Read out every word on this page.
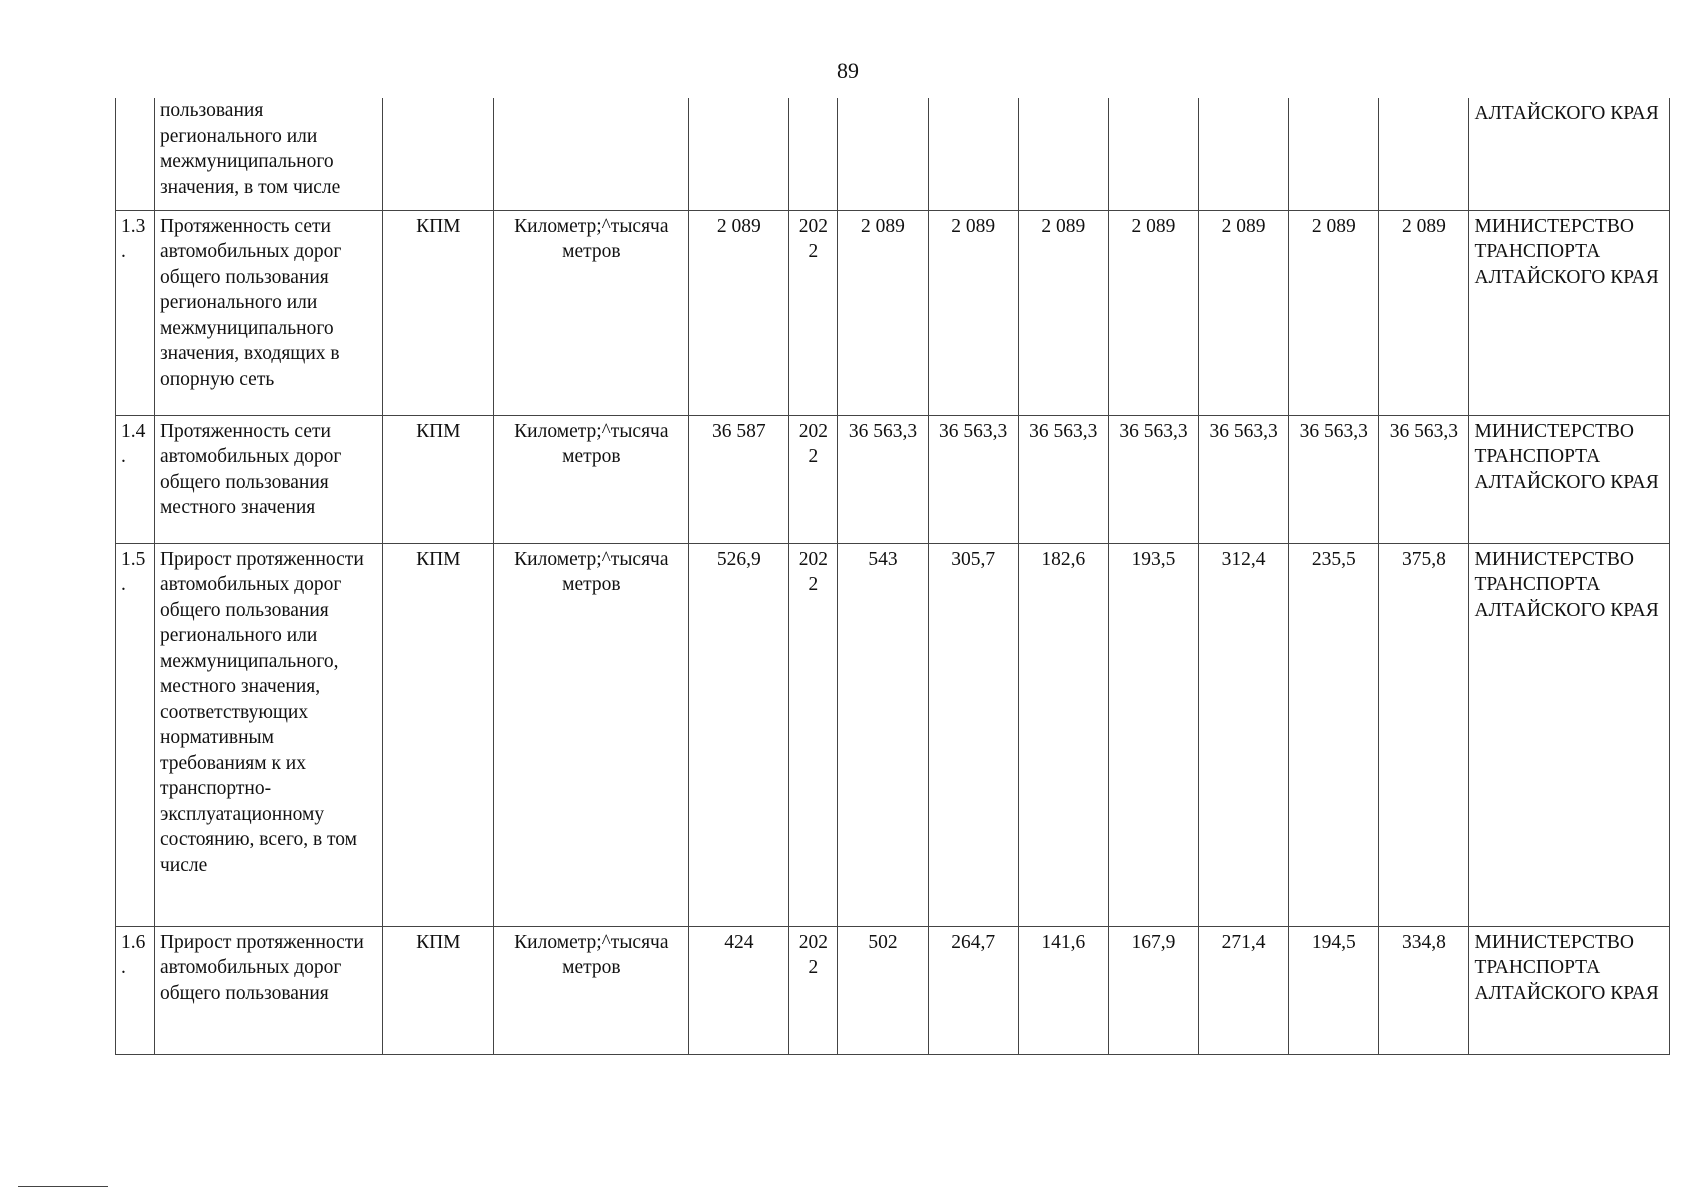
89
	пользования регионального или межмуниципального значения, в том числе												АЛТАЙСКОГО КРАЯ
1.3.	Протяженность сети автомобильных дорог общего пользования регионального или межмуниципального значения, входящих в опорную сеть	КПМ	Километр;^тысяча метров	2 089	2022	2 089	2 089	2 089	2 089	2 089	2 089	2 089	МИНИСТЕРСТВО ТРАНСПОРТА АЛТАЙСКОГО КРАЯ
1.4.	Протяженность сети автомобильных дорог общего пользования местного значения	КПМ	Километр;^тысяча метров	36 587	2022	36 563,3	36 563,3	36 563,3	36 563,3	36 563,3	36 563,3	36 563,3	МИНИСТЕРСТВО ТРАНСПОРТА АЛТАЙСКОГО КРАЯ
1.5.	Прирост протяженности автомобильных дорог общего пользования регионального или межмуниципального, местного значения, соответствующих нормативным требованиям к их транспортно-эксплуатационному состоянию, всего, в том числе	КПМ	Километр;^тысяча метров	526,9	2022	543	305,7	182,6	193,5	312,4	235,5	375,8	МИНИСТЕРСТВО ТРАНСПОРТА АЛТАЙСКОГО КРАЯ
1.6.	Прирост протяженности автомобильных дорог общего пользования	КПМ	Километр;^тысяча метров	424	2022	502	264,7	141,6	167,9	271,4	194,5	334,8	МИНИСТЕРСТВО ТРАНСПОРТА АЛТАЙСКОГО КРАЯ
